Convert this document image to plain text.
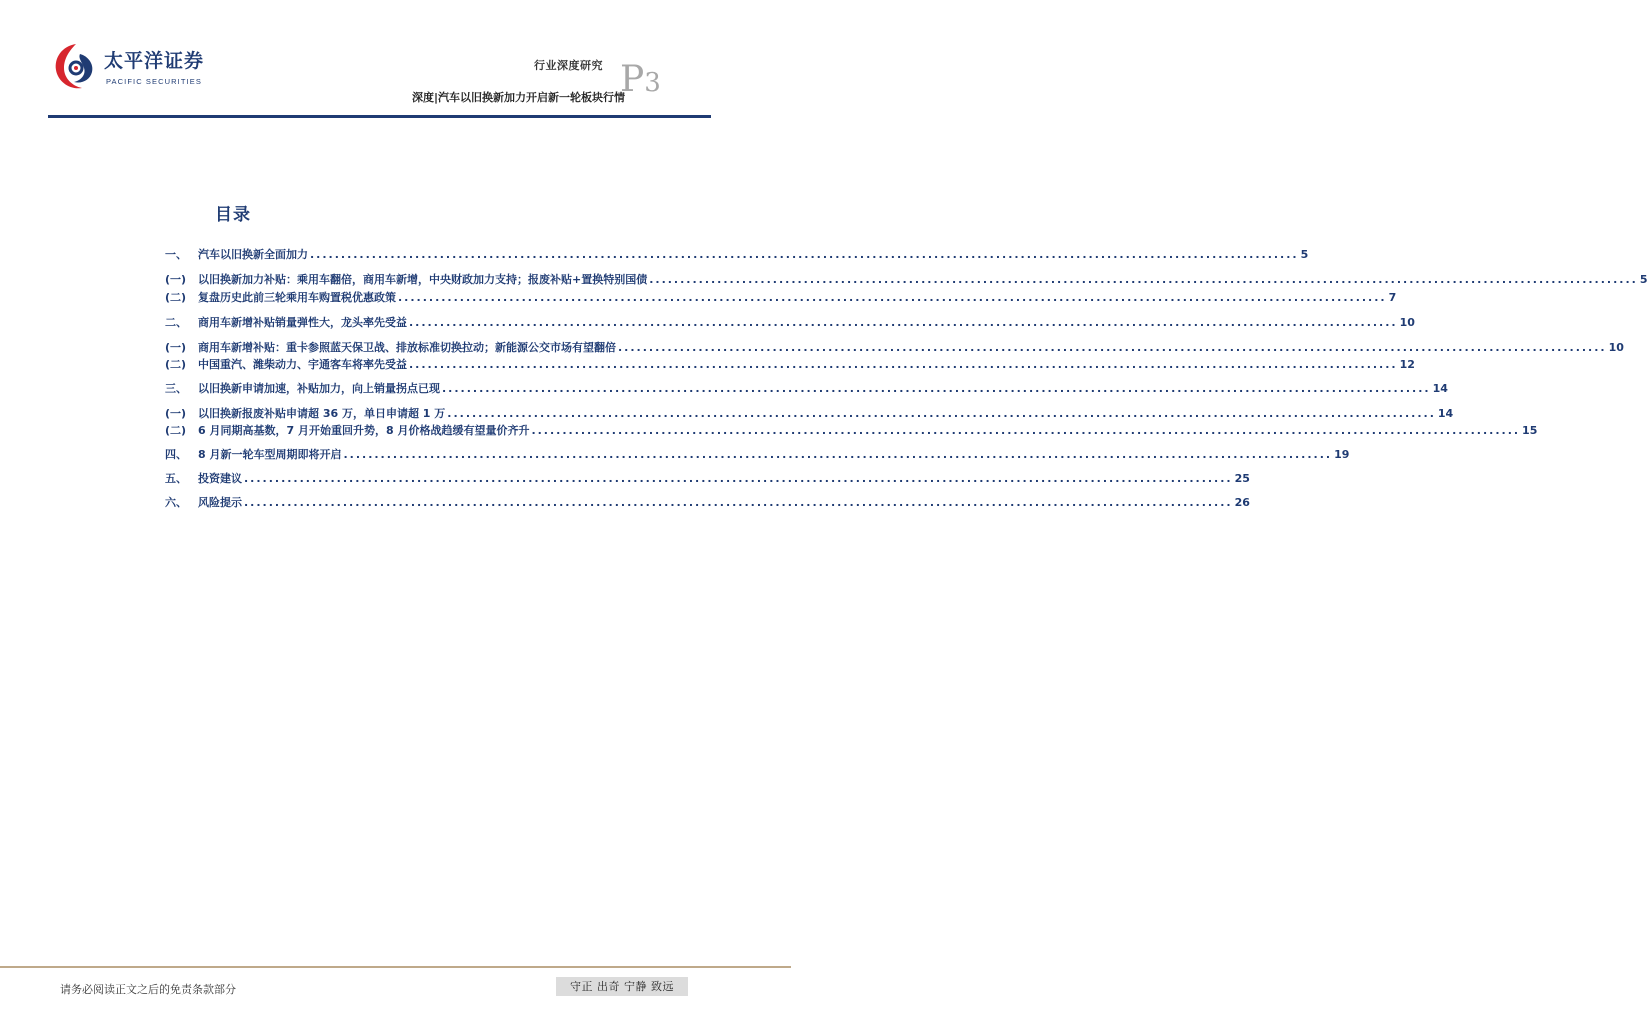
太平洋证券
PACIFIC SECURITIES
行业深度研究
深度|汽车以旧换新加力开启新一轮板块行情
P3
目录
一、	汽车以旧换新全面加力 ................................................................................................................................................................ 5
(一)	以旧换新加力补贴：乘用车翻倍，商用车新增，中央财政加力支持；报废补贴+置换特别国债 ................................................................................................................................................................ 5
(二)	复盘历史此前三轮乘用车购置税优惠政策 ................................................................................................................................................................ 7
二、	商用车新增补贴销量弹性大，龙头率先受益 ................................................................................................................................................................ 10
(一)	商用车新增补贴：重卡参照蓝天保卫战、排放标准切换拉动；新能源公交市场有望翻倍 ................................................................................................................................................................ 10
(二)	中国重汽、潍柴动力、宇通客车将率先受益 ................................................................................................................................................................ 12
三、	以旧换新申请加速，补贴加力，向上销量拐点已现 ................................................................................................................................................................ 14
(一)	以旧换新报废补贴申请超 36 万，单日申请超 1 万 ................................................................................................................................................................ 14
(二)	6 月同期高基数，7 月开始重回升势，8 月价格战趋缓有望量价齐升 ................................................................................................................................................................ 15
四、	8 月新一轮车型周期即将开启 ................................................................................................................................................................ 19
五、	投资建议 ................................................................................................................................................................ 25
六、	风险提示 ................................................................................................................................................................ 26
请务必阅读正文之后的免责条款部分	守正 出奇 宁静 致远
